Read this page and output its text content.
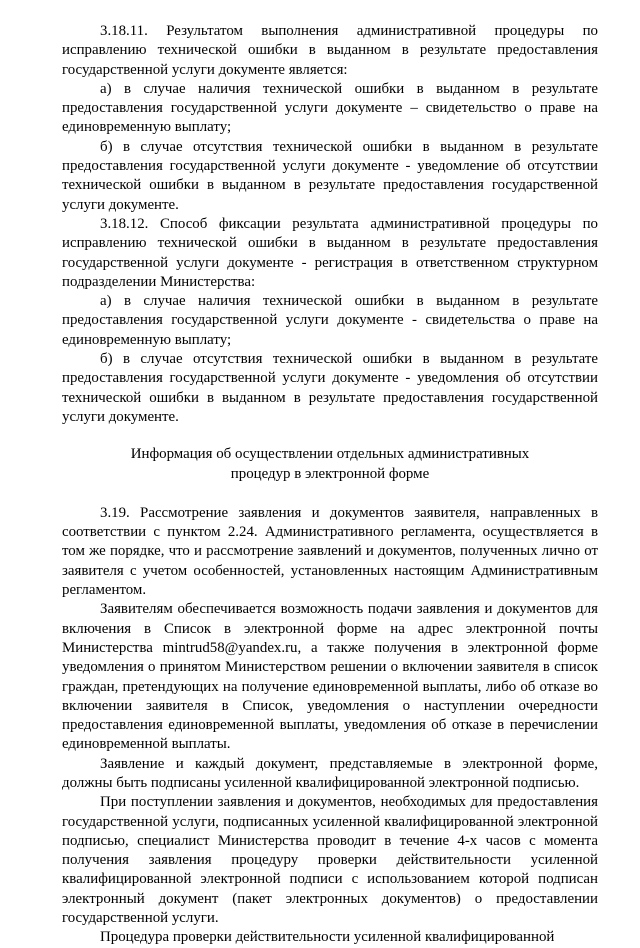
3.18.11. Результатом выполнения административной процедуры по исправлению технической ошибки в выданном в результате предоставления государственной услуги документе является:

а) в случае наличия технической ошибки в выданном в результате предоставления государственной услуги документе – свидетельство о праве на единовременную выплату;

б) в случае отсутствия технической ошибки в выданном в результате предоставления государственной услуги документе - уведомление об отсутствии технической ошибки в выданном в результате предоставления государственной услуги документе.

3.18.12. Способ фиксации результата административной процедуры по исправлению технической ошибки в выданном в результате предоставления государственной услуги документе - регистрация в ответственном структурном подразделении Министерства:

а) в случае наличия технической ошибки в выданном в результате предоставления государственной услуги документе - свидетельства о праве на единовременную выплату;

б) в случае отсутствия технической ошибки в выданном в результате предоставления государственной услуги документе - уведомления об отсутствии технической ошибки в выданном в результате предоставления государственной услуги документе.

Информация об осуществлении отдельных административных

процедур в электронной форме

3.19. Рассмотрение заявления и документов заявителя, направленных в соответствии с пунктом 2.24. Административного регламента, осуществляется в том же порядке, что и рассмотрение заявлений и документов, полученных лично от заявителя с учетом особенностей, установленных настоящим Административным регламентом.

Заявителям обеспечивается возможность подачи заявления и документов для включения в Список в электронной форме на адрес электронной почты Министерства mintrud58@yandex.ru, а также получения в электронной форме уведомления о принятом Министерством решении о включении заявителя в список граждан, претендующих на получение единовременной выплаты, либо об отказе во включении заявителя в Список, уведомления о наступлении очередности предоставления единовременной выплаты, уведомления об отказе в перечислении единовременной выплаты.

Заявление и каждый документ, представляемые в электронной форме, должны быть подписаны усиленной квалифицированной электронной подписью.

При поступлении заявления и документов, необходимых для предоставления государственной услуги, подписанных усиленной квалифицированной электронной подписью, специалист Министерства проводит в течение 4-х часов с момента получения заявления процедуру проверки действительности усиленной квалифицированной электронной подписи с использованием которой подписан электронный документ (пакет электронных документов) о предоставлении государственной услуги.

Процедура проверки действительности усиленной квалифицированной
